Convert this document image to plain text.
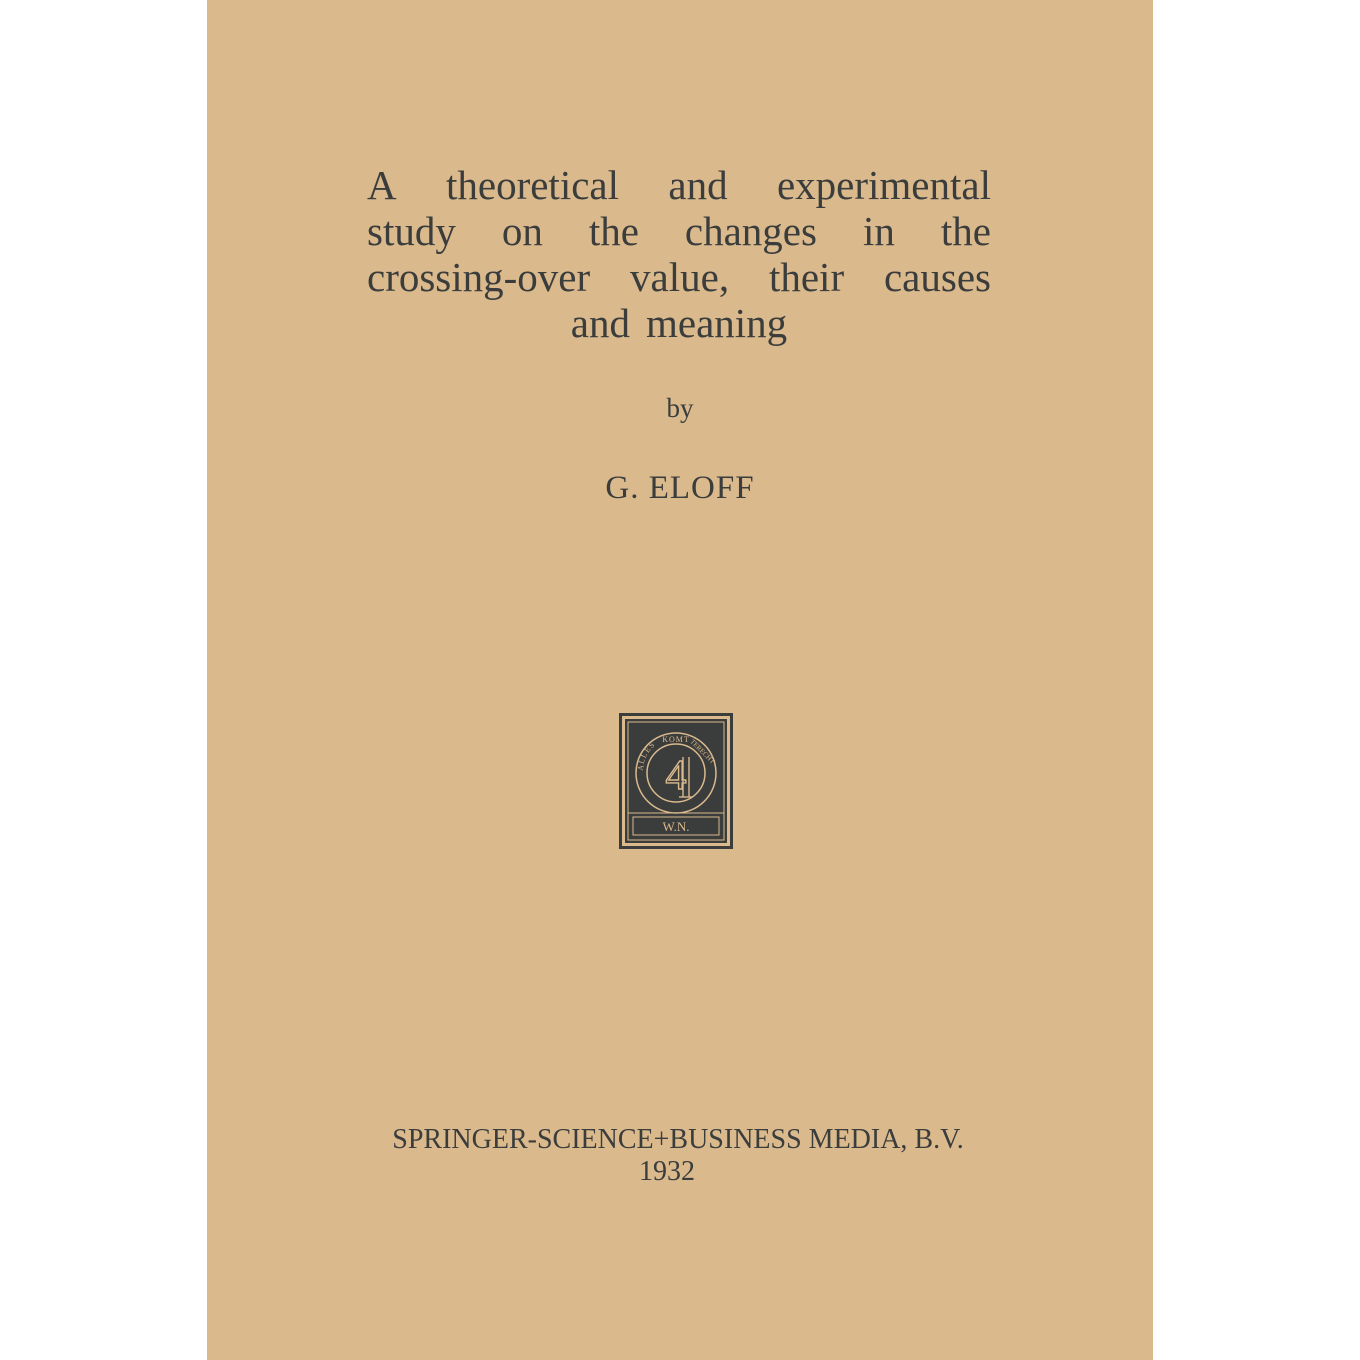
A theoretical and experimental
study on the changes in the
crossing-over value, their causes
and meaning
by
G. ELOFF
ALLES
KOMT
TERECHT
4
W.N.
SPRINGER-SCIENCE+BUSINESS MEDIA, B.V.
1932
